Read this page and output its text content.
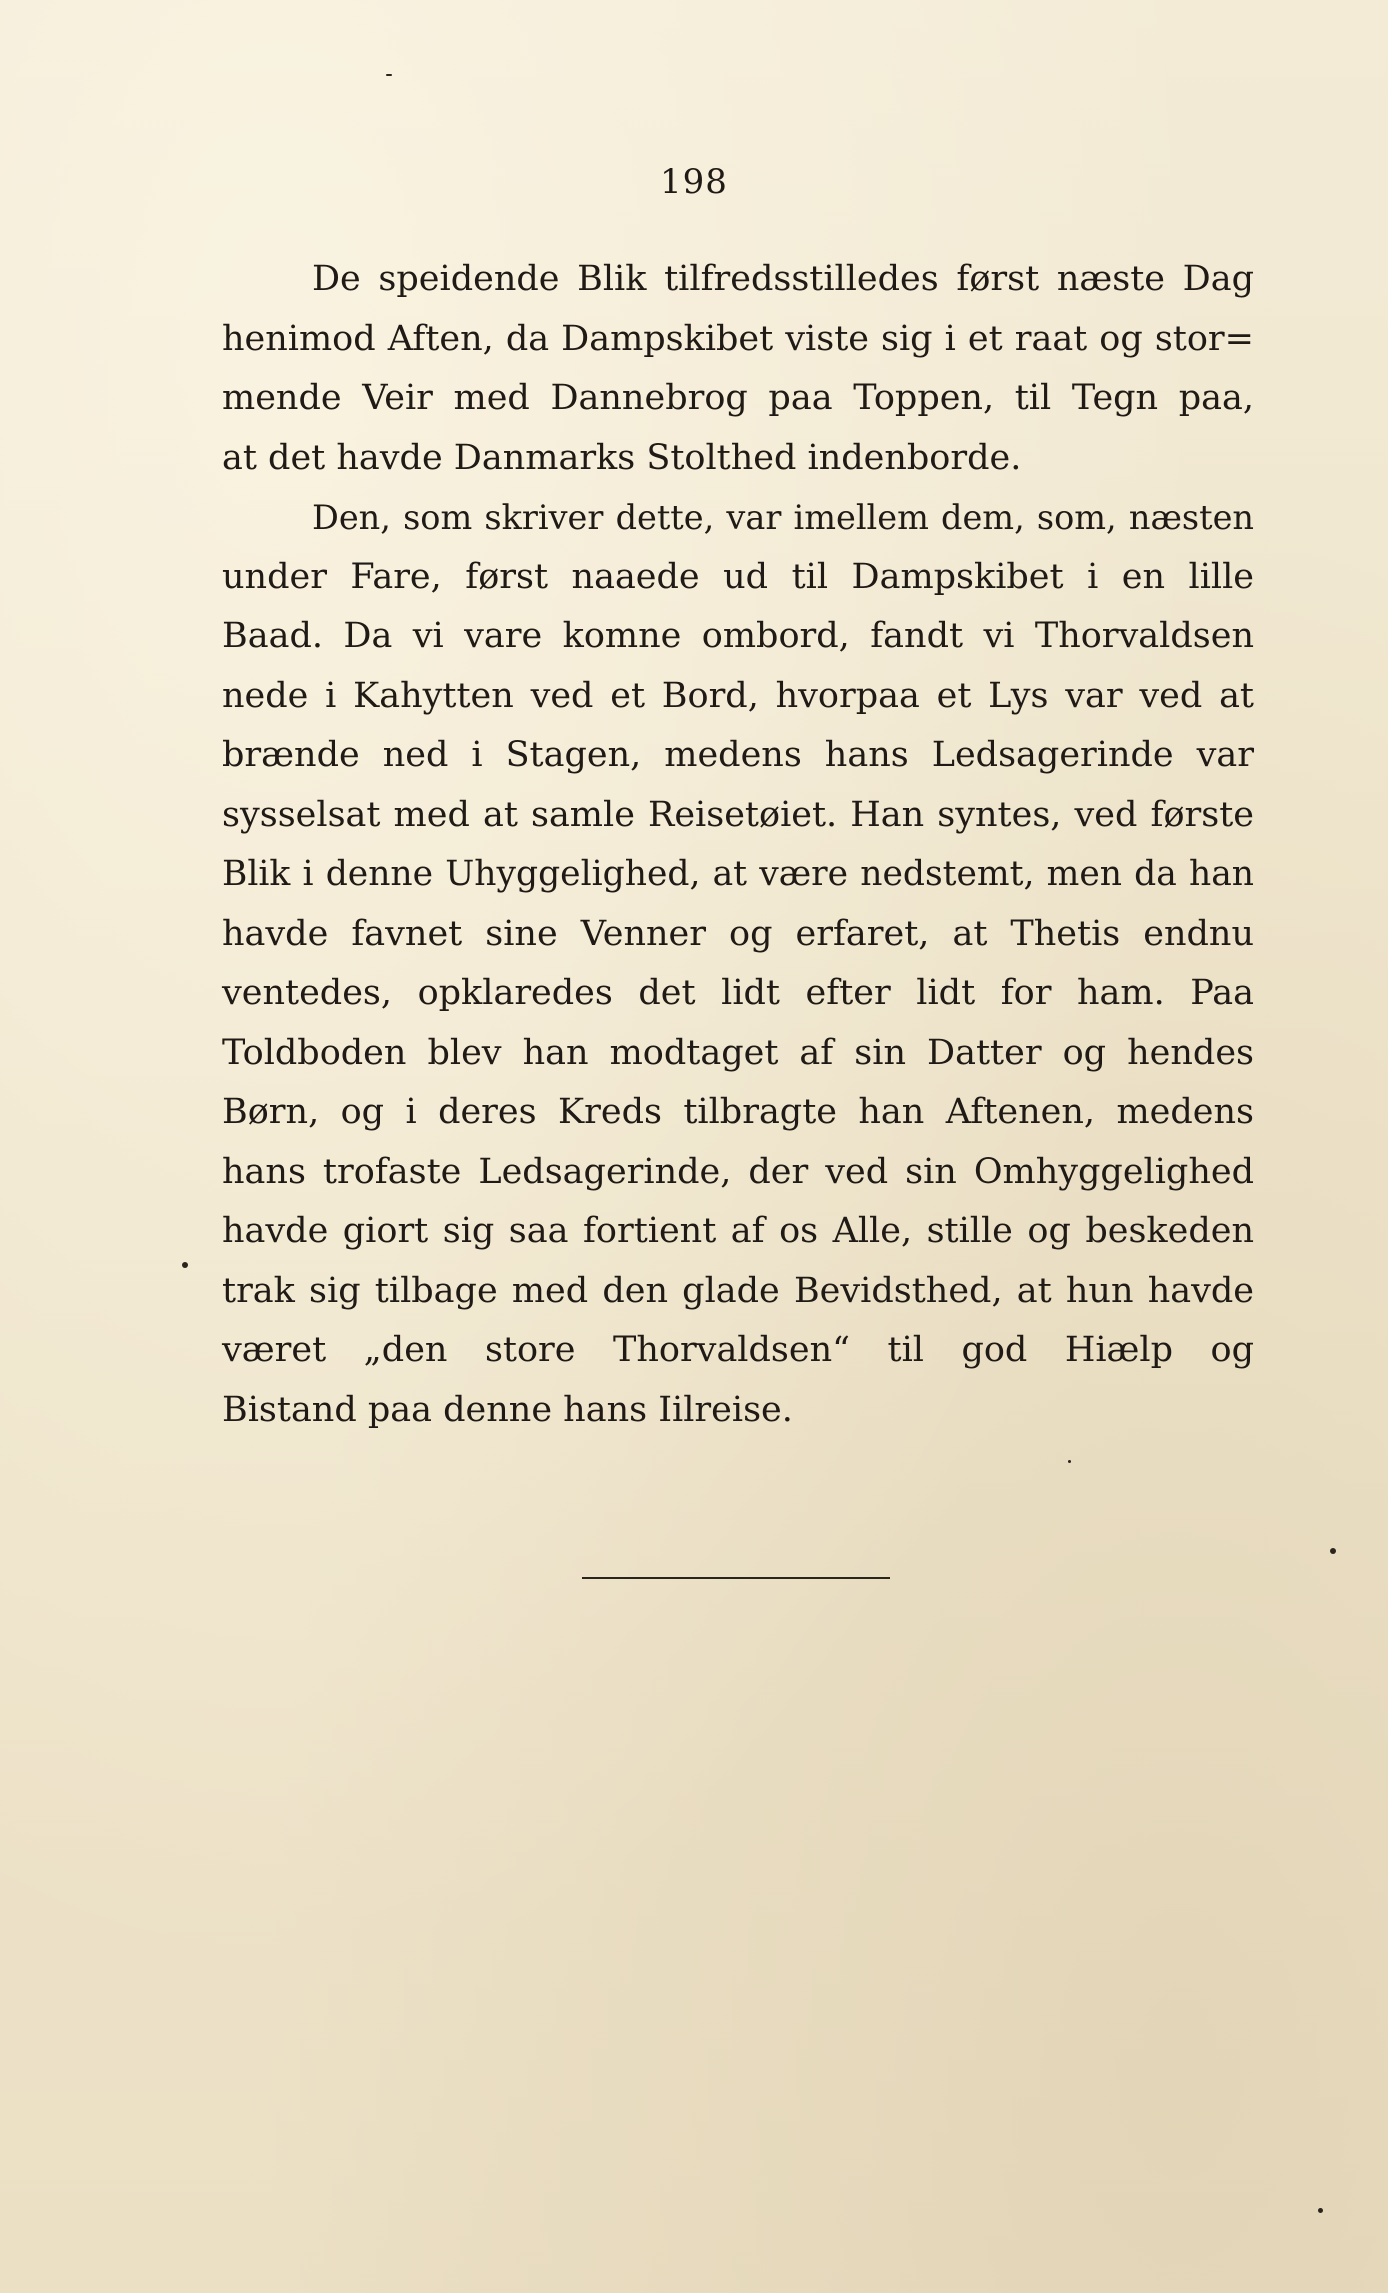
198
De speidende Blik tilfredsstilledes først næste Dag
henimod Aften, da Dampskibet viste sig i et raat og stor=
mende Veir med Dannebrog paa Toppen, til Tegn paa,
at det havde Danmarks Stolthed indenborde.
Den, som skriver dette, var imellem dem, som, næsten
under Fare, først naaede ud til Dampskibet i en lille
Baad. Da vi vare komne ombord, fandt vi Thorvaldsen
nede i Kahytten ved et Bord, hvorpaa et Lys var ved at
brænde ned i Stagen, medens hans Ledsagerinde var
sysselsat med at samle Reisetøiet. Han syntes, ved første
Blik i denne Uhyggelighed, at være nedstemt, men da han
havde favnet sine Venner og erfaret, at Thetis endnu
ventedes, opklaredes det lidt efter lidt for ham. Paa
Toldboden blev han modtaget af sin Datter og hendes
Børn, og i deres Kreds tilbragte han Aftenen, medens
hans trofaste Ledsagerinde, der ved sin Omhyggelighed
havde giort sig saa fortient af os Alle, stille og beskeden
trak sig tilbage med den glade Bevidsthed, at hun havde
været „den store Thorvaldsen“ til god Hiælp og
Bistand paa denne hans Iilreise.
